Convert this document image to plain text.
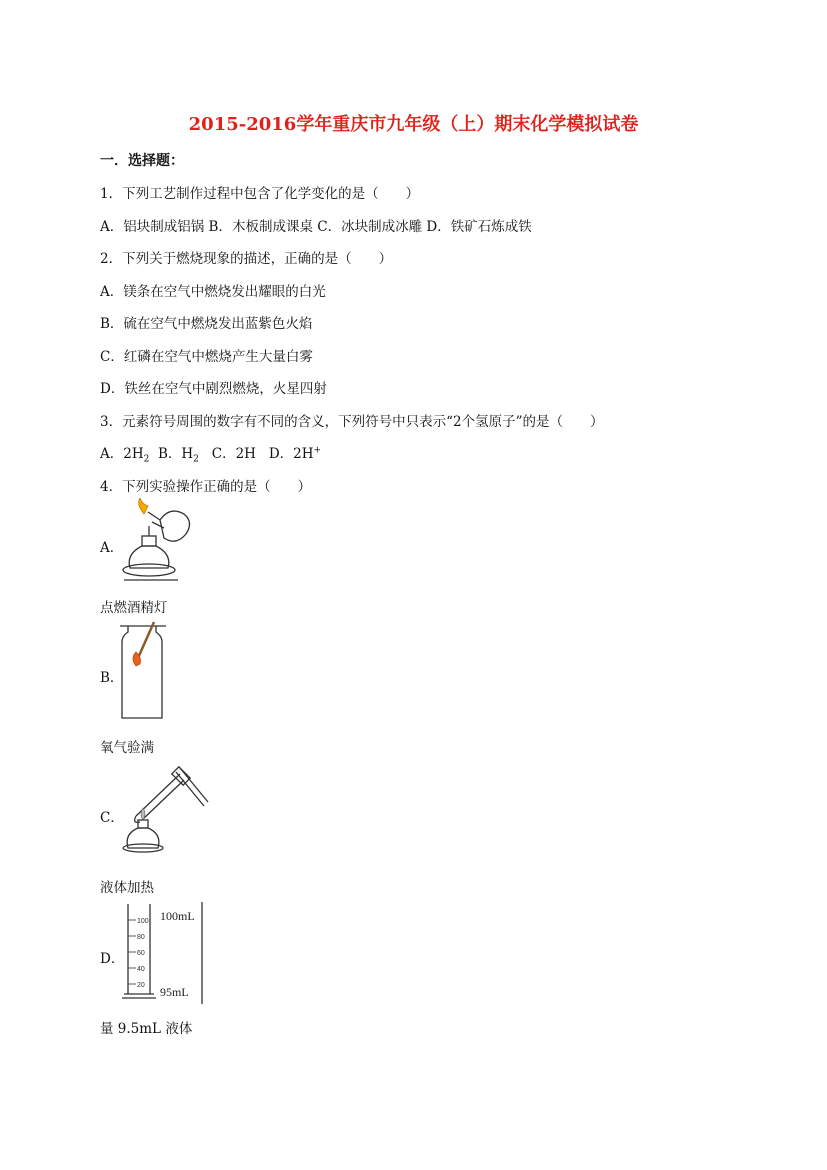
2015-2016学年重庆市九年级（上）期末化学模拟试卷
一．选择题：
1．下列工艺制作过程中包含了化学变化的是（　　）
A．铝块制成铝锅 B．木板制成课桌 C．冰块制成冰雕 D．铁矿石炼成铁
2．下列关于燃烧现象的描述，正确的是（　　）
A．镁条在空气中燃烧发出耀眼的白光
B．硫在空气中燃烧发出蓝紫色火焰
C．红磷在空气中燃烧产生大量白雾
D．铁丝在空气中剧烈燃烧，火星四射
3．元素符号周围的数字有不同的含义，下列符号中只表示“2个氢原子”的是（　　）
A．$2H_2$ B．$H_2$ C．2H D．2H+
4．下列实验操作正确的是（　　）
A．
点燃酒精灯
B．
氧气验满
C．
液体加热
D．
100
80
60
40
20
100mL
95mL
量 9.5mL 液体
